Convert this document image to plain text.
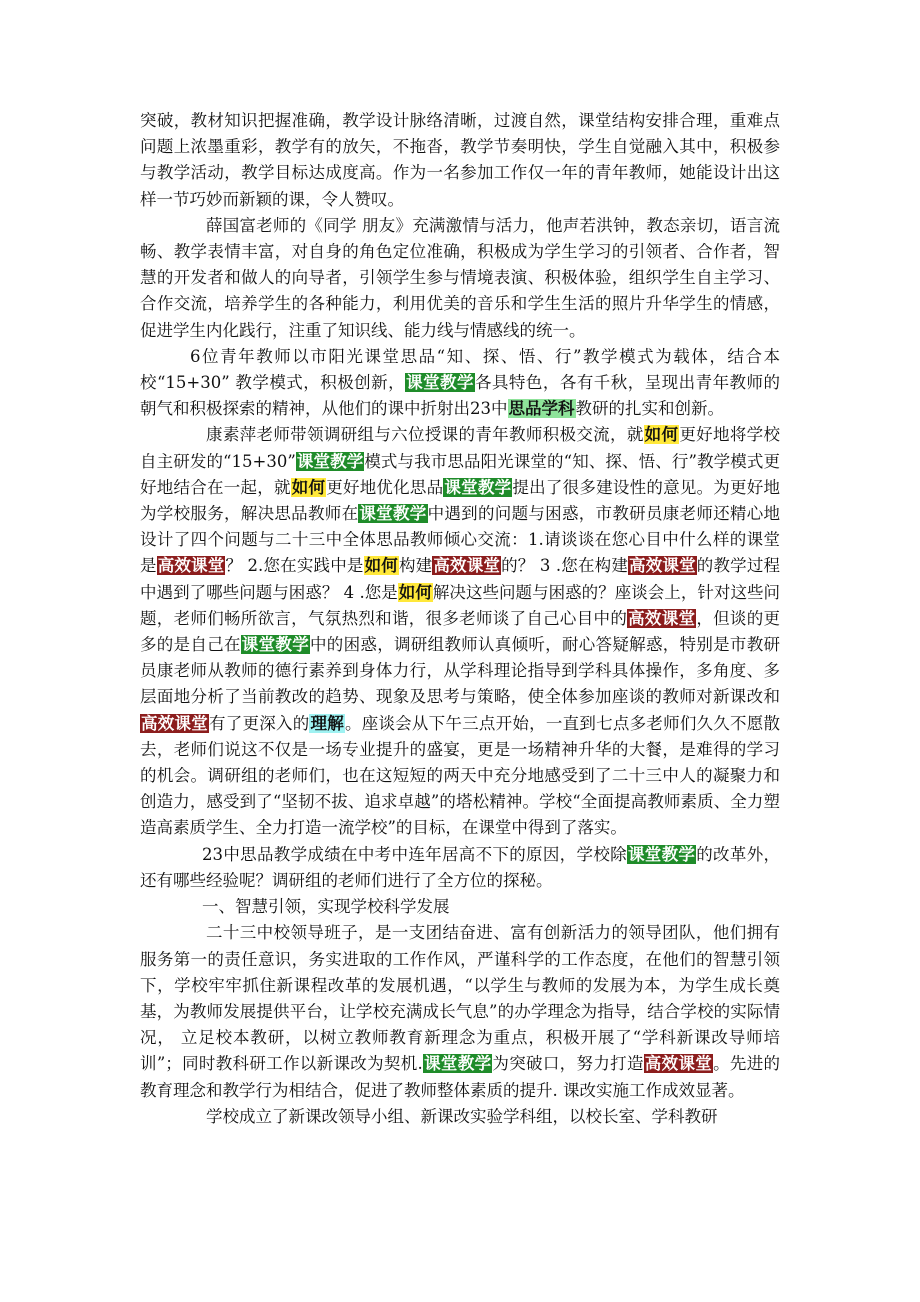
突破，教材知识把握准确，教学设计脉络清晰，过渡自然，课堂结构安排合理，重难点问题上浓墨重彩，教学有的放矢，不拖沓，教学节奏明快，学生自觉融入其中，积极参与教学活动，教学目标达成度高。作为一名参加工作仅一年的青年教师，她能设计出这样一节巧妙而新颖的课，令人赞叹。

薛国富老师的《同学 朋友》充满激情与活力，他声若洪钟，教态亲切，语言流畅、教学表情丰富，对自身的角色定位准确，积极成为学生学习的引领者、合作者，智慧的开发者和做人的向导者，引领学生参与情境表演、积极体验，组织学生自主学习、合作交流，培养学生的各种能力，利用优美的音乐和学生生活的照片升华学生的情感，促进学生内化践行，注重了知识线、能力线与情感线的统一。

6位青年教师以市阳光课堂思品“知、探、悟、行”教学模式为载体，结合本校“15+30” 教学模式，积极创新，课堂教学各具特色，各有千秋，呈现出青年教师的朝气和积极探索的精神，从他们的课中折射出23中思品学科教研的扎实和创新。

康素萍老师带领调研组与六位授课的青年教师积极交流，就如何更好地将学校自主研发的“15+30”课堂教学模式与我市思品阳光课堂的“知、探、悟、行”教学模式更好地结合在一起，就如何更好地优化思品课堂教学提出了很多建设性的意见。为更好地为学校服务，解决思品教师在课堂教学中遇到的问题与困惑，市教研员康老师还精心地设计了四个问题与二十三中全体思品教师倾心交流：1.请谈谈在您心目中什么样的课堂是高效课堂？ 2.您在实践中是如何构建高效课堂的？ 3 .您在构建高效课堂的教学过程中遇到了哪些问题与困惑？ 4 .您是如何解决这些问题与困惑的？座谈会上，针对这些问题，老师们畅所欲言，气氛热烈和谐，很多老师谈了自己心目中的高效课堂，但谈的更多的是自己在课堂教学中的困惑，调研组教师认真倾听，耐心答疑解惑，特别是市教研员康老师从教师的德行素养到身体力行，从学科理论指导到学科具体操作，多角度、多层面地分析了当前教改的趋势、现象及思考与策略，使全体参加座谈的教师对新课改和高效课堂有了更深入的理解。座谈会从下午三点开始，一直到七点多老师们久久不愿散去，老师们说这不仅是一场专业提升的盛宴，更是一场精神升华的大餐，是难得的学习的机会。调研组的老师们，也在这短短的两天中充分地感受到了二十三中人的凝聚力和创造力，感受到了“坚韧不拔、追求卓越”的塔松精神。学校“全面提高教师素质、全力塑造高素质学生、全力打造一流学校”的目标，在课堂中得到了落实。

23中思品教学成绩在中考中连年居高不下的原因，学校除课堂教学的改革外，还有哪些经验呢？调研组的老师们进行了全方位的探秘。

一、智慧引领，实现学校科学发展

二十三中校领导班子，是一支团结奋进、富有创新活力的领导团队，他们拥有服务第一的责任意识，务实进取的工作作风，严谨科学的工作态度，在他们的智慧引领下，学校牢牢抓住新课程改革的发展机遇，“以学生与教师的发展为本，为学生成长奠基，为教师发展提供平台，让学校充满成长气息”的办学理念为指导，结合学校的实际情况， 立足校本教研，以树立教师教育新理念为重点，积极开展了“学科新课改导师培训”；同时教科研工作以新课改为契机.课堂教学为突破口，努力打造高效课堂。先进的教育理念和教学行为相结合，促进了教师整体素质的提升. 课改实施工作成效显著。

学校成立了新课改领导小组、新课改实验学科组，以校长室、学科教研
